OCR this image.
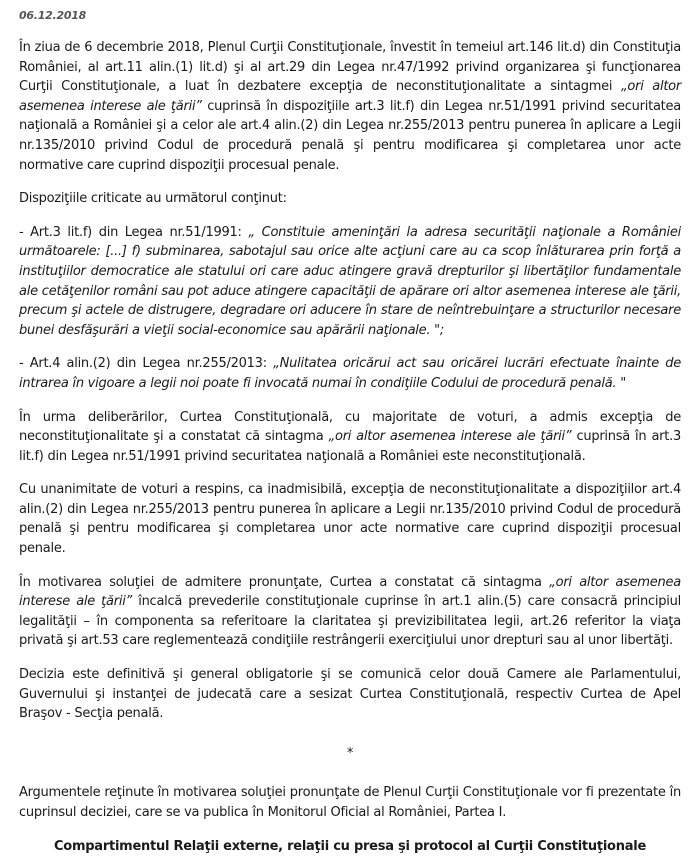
06.12.2018

În ziua de 6 decembrie 2018, Plenul Curţii Constituţionale, învestit în temeiul art.146 lit.d) din Constituţia României, al art.11 alin.(1) lit.d) şi al art.29 din Legea nr.47/1992 privind organizarea şi funcţionarea Curţii Constituţionale, a luat în dezbatere excepţia de neconstituţionalitate a sintagmei „ori altor asemenea interese ale ţării” cuprinsă în dispoziţiile art.3 lit.f) din Legea nr.51/1991 privind securitatea naţională a României şi a celor ale art.4 alin.(2) din Legea nr.255/2013 pentru punerea în aplicare a Legii nr.135/2010 privind Codul de procedură penală şi pentru modificarea şi completarea unor acte normative care cuprind dispoziţii procesual penale.

Dispoziţiile criticate au următorul conţinut:

- Art.3 lit.f) din Legea nr.51/1991: „ Constituie ameninţări la adresa securităţii naţionale a României următoarele: [...] f) subminarea, sabotajul sau orice alte acţiuni care au ca scop înlăturarea prin forţă a instituţiilor democratice ale statului ori care aduc atingere gravă drepturilor şi libertăţilor fundamentale ale cetăţenilor români sau pot aduce atingere capacităţii de apărare ori altor asemenea interese ale ţării, precum şi actele de distrugere, degradare ori aducere în stare de neîntrebuinţare a structurilor necesare bunei desfăşurări a vieţii social-economice sau apărării naţionale. ";

- Art.4 alin.(2) din Legea nr.255/2013: „Nulitatea oricărui act sau oricărei lucrări efectuate înainte de intrarea în vigoare a legii noi poate fi invocată numai în condiţiile Codului de procedură penală. "

În urma deliberărilor, Curtea Constituţională, cu majoritate de voturi, a admis excepţia de neconstituţionalitate şi a constatat că sintagma „ori altor asemenea interese ale ţării” cuprinsă în art.3 lit.f) din Legea nr.51/1991 privind securitatea naţională a României este neconstituţională.

Cu unanimitate de voturi a respins, ca inadmisibilă, excepţia de neconstituţionalitate a dispoziţiilor art.4 alin.(2) din Legea nr.255/2013 pentru punerea în aplicare a Legii nr.135/2010 privind Codul de procedură penală şi pentru modificarea şi completarea unor acte normative care cuprind dispoziţii procesual penale.

În motivarea soluţiei de admitere pronunţate, Curtea a constatat că sintagma „ori altor asemenea interese ale ţării” încalcă prevederile constituţionale cuprinse în art.1 alin.(5) care consacră principiul legalităţii – în componenta sa referitoare la claritatea şi previzibilitatea legii, art.26 referitor la viaţa privată şi art.53 care reglementează condiţiile restrângerii exerciţiului unor drepturi sau al unor libertăţi.

Decizia este definitivă şi general obligatorie şi se comunică celor două Camere ale Parlamentului, Guvernului şi instanţei de judecată care a sesizat Curtea Constituţională, respectiv Curtea de Apel Braşov - Secţia penală.

*

Argumentele reţinute în motivarea soluţiei pronunţate de Plenul Curţii Constituţionale vor fi prezentate în cuprinsul deciziei, care se va publica în Monitorul Oficial al României, Partea I.

Compartimentul Relaţii externe, relaţii cu presa şi protocol al Curţii Constituţionale
